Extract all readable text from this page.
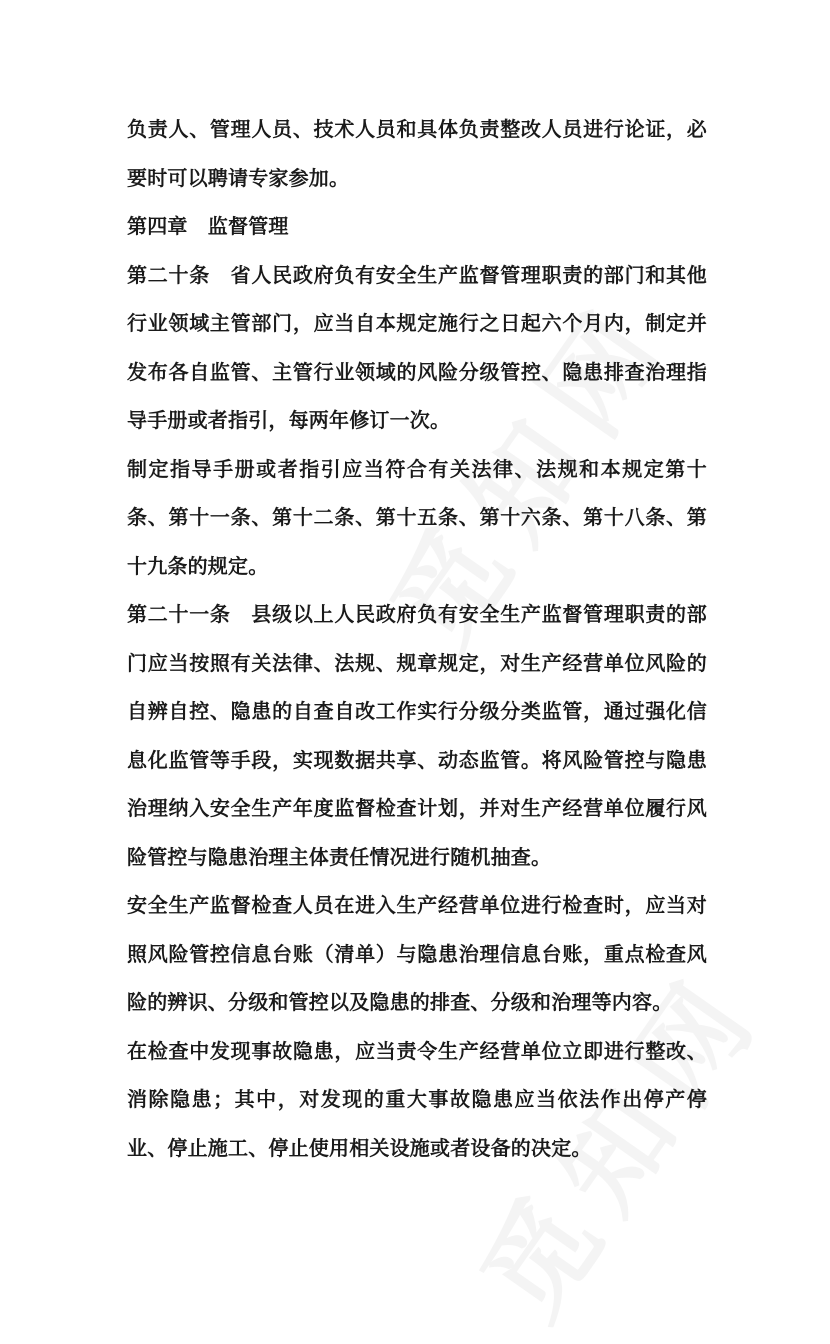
负责人、管理人员、技术人员和具体负责整改人员进行论证，必要时可以聘请专家参加。

第四章　监督管理

第二十条　省人民政府负有安全生产监督管理职责的部门和其他行业领域主管部门，应当自本规定施行之日起六个月内，制定并发布各自监管、主管行业领域的风险分级管控、隐患排查治理指导手册或者指引，每两年修订一次。

制定指导手册或者指引应当符合有关法律、法规和本规定第十条、第十一条、第十二条、第十五条、第十六条、第十八条、第十九条的规定。

第二十一条　县级以上人民政府负有安全生产监督管理职责的部门应当按照有关法律、法规、规章规定，对生产经营单位风险的自辨自控、隐患的自查自改工作实行分级分类监管，通过强化信息化监管等手段，实现数据共享、动态监管。将风险管控与隐患治理纳入安全生产年度监督检查计划，并对生产经营单位履行风险管控与隐患治理主体责任情况进行随机抽查。

安全生产监督检查人员在进入生产经营单位进行检查时，应当对照风险管控信息台账（清单）与隐患治理信息台账，重点检查风险的辨识、分级和管控以及隐患的排查、分级和治理等内容。

在检查中发现事故隐患，应当责令生产经营单位立即进行整改、消除隐患；其中，对发现的重大事故隐患应当依法作出停产停业、停止施工、停止使用相关设施或者设备的决定。
